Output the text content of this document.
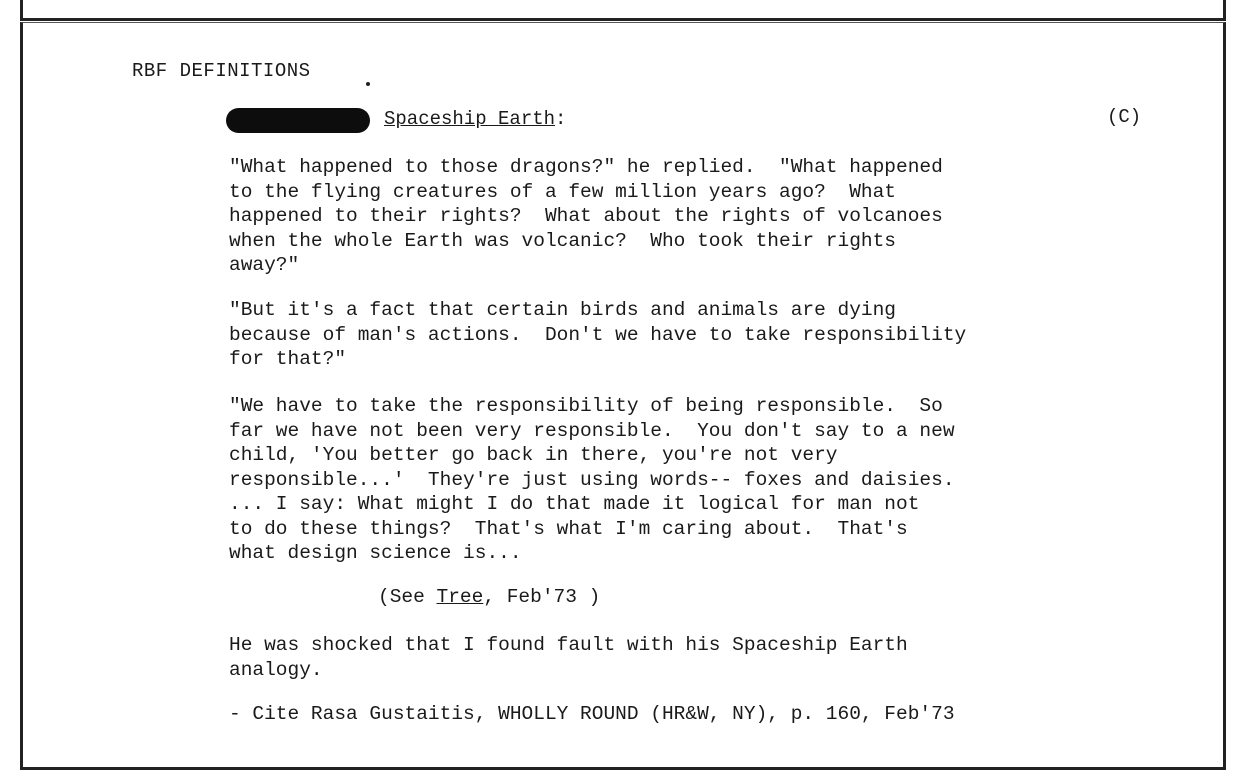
RBF DEFINITIONS
Spaceship Earth:	(C)

"What happened to those dragons?" he replied.  "What happened
to the flying creatures of a few million years ago?  What
happened to their rights?  What about the rights of volcanoes
when the whole Earth was volcanic?  Who took their rights
away?"

"But it's a fact that certain birds and animals are dying
because of man's actions.  Don't we have to take responsibility
for that?"

"We have to take the responsibility of being responsible.  So
far we have not been very responsible.  You don't say to a new
child, 'You better go back in there, you're not very
responsible...'  They're just using words-- foxes and daisies.
... I say: What might I do that made it logical for man not
to do these things?  That's what I'm caring about.  That's
what design science is...

(See Tree, Feb'73 )

He was shocked that I found fault with his Spaceship Earth
analogy.

- Cite Rasa Gustaitis, WHOLLY ROUND (HR&W, NY), p. 160, Feb'73
